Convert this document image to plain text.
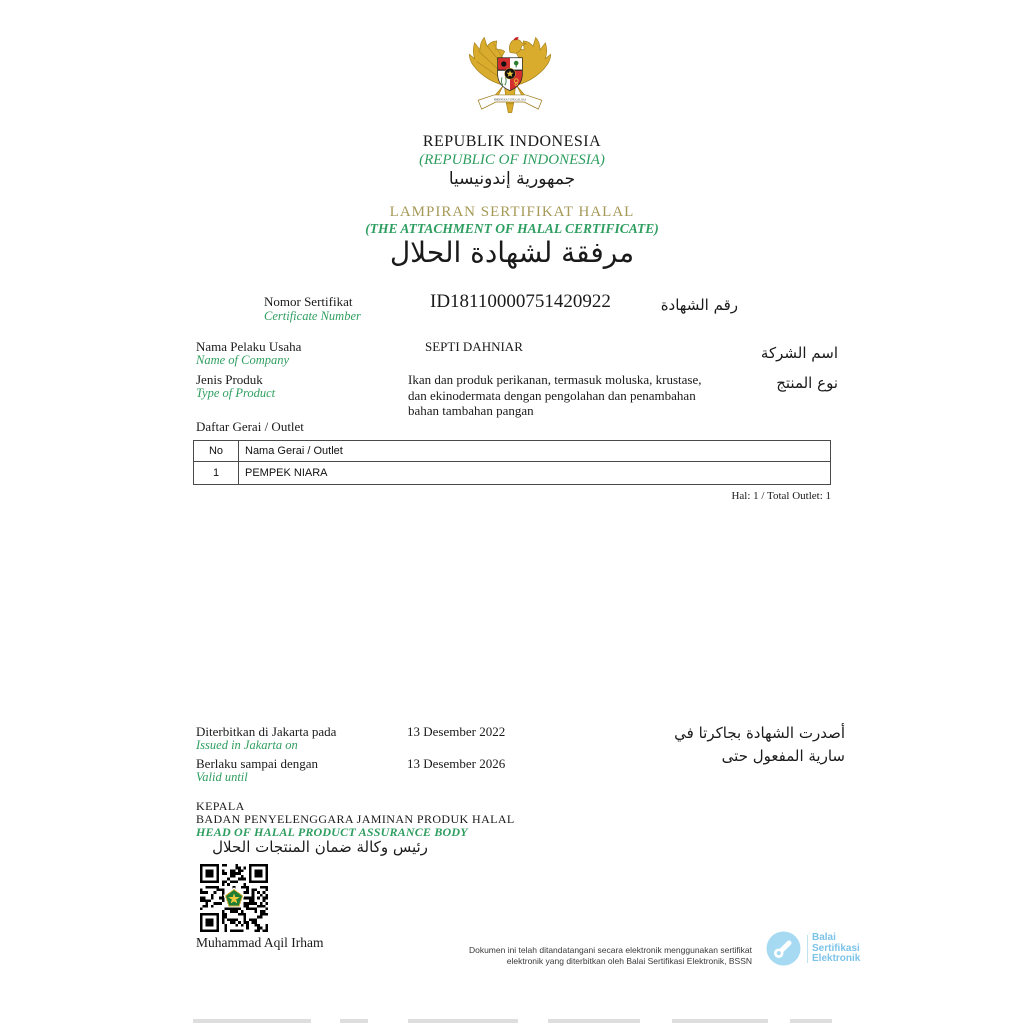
BHINNEKA TUNGGAL IKA
REPUBLIK INDONESIA
(REPUBLIC OF INDONESIA)
جمهورية إندونيسيا
LAMPIRAN SERTIFIKAT HALAL
(THE ATTACHMENT OF HALAL CERTIFICATE)
مرفقة لشهادة الحلال
Nomor Sertifikat
Certificate Number
ID18110000751420922	رقم الشهادة
Nama Pelaku Usaha
Name of Company
SEPTI DAHNIAR	اسم الشركة
Jenis Produk
Type of Product
Ikan dan produk perikanan, termasuk moluska, krustase, dan ekinodermata dengan pengolahan dan penambahan bahan tambahan pangan
نوع المنتج
Daftar Gerai / Outlet
No	Nama Gerai / Outlet
1	PEMPEK NIARA
Hal: 1 / Total Outlet: 1
Diterbitkan di Jakarta pada
Issued in Jakarta on
13 Desember 2022	أصدرت الشهادة بجاكرتا في
Berlaku sampai dengan
Valid until
13 Desember 2026	سارية المفعول حتى
KEPALA
BADAN PENYELENGGARA JAMINAN PRODUK HALAL
HEAD OF HALAL PRODUCT ASSURANCE BODY
رئيس وكالة ضمان المنتجات الحلال
Muhammad Aqil Irham	Dokumen ini telah ditandatangani secara elektronik menggunakan sertifikat
elektronik yang diterbitkan oleh Balai Sertifikasi Elektronik, BSSN
Balai
Sertifikasi
Elektronik
